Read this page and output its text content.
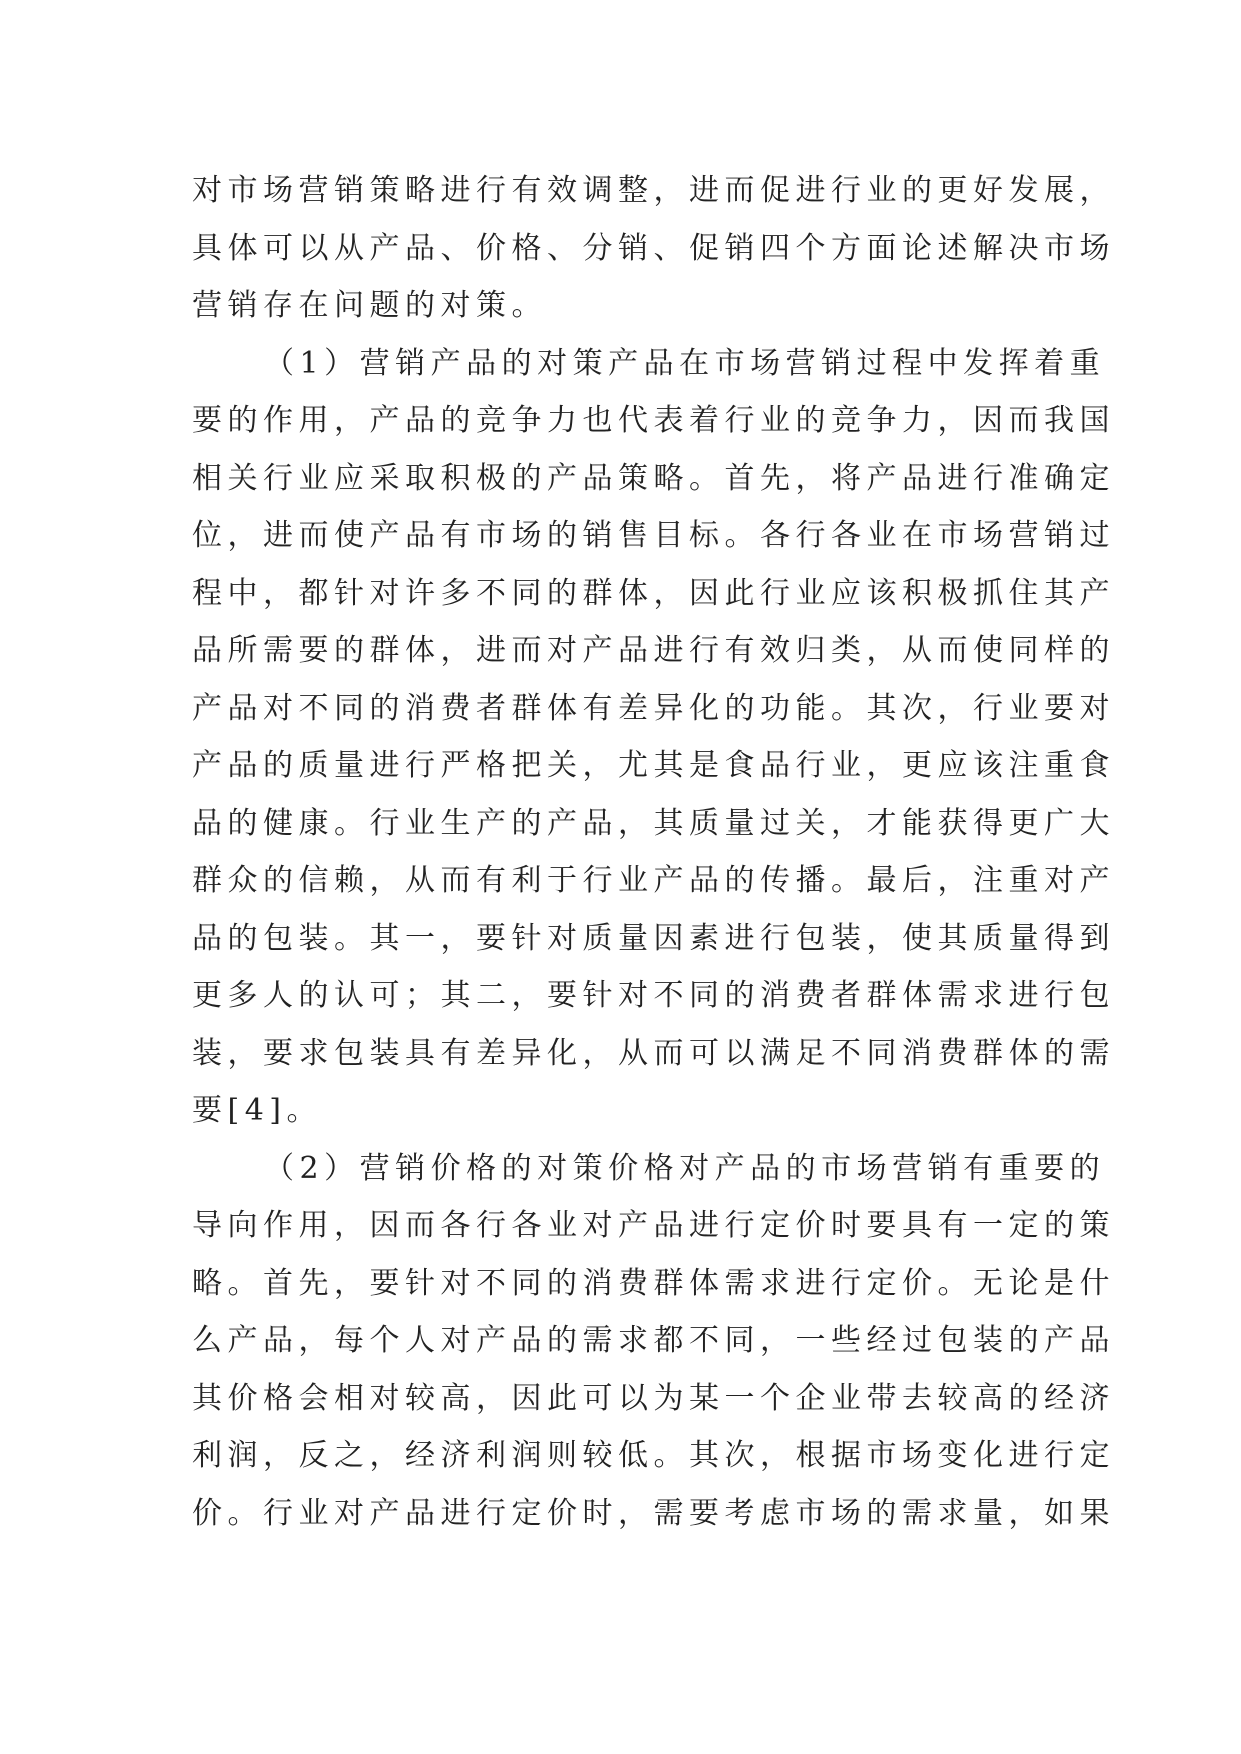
对市场营销策略进行有效调整，进而促进行业的更好发展，
具体可以从产品、价格、分销、促销四个方面论述解决市场
营销存在问题的对策。
（1）营销产品的对策产品在市场营销过程中发挥着重
要的作用，产品的竞争力也代表着行业的竞争力，因而我国
相关行业应采取积极的产品策略。首先，将产品进行准确定
位，进而使产品有市场的销售目标。各行各业在市场营销过
程中，都针对许多不同的群体，因此行业应该积极抓住其产
品所需要的群体，进而对产品进行有效归类，从而使同样的
产品对不同的消费者群体有差异化的功能。其次，行业要对
产品的质量进行严格把关，尤其是食品行业，更应该注重食
品的健康。行业生产的产品，其质量过关，才能获得更广大
群众的信赖，从而有利于行业产品的传播。最后，注重对产
品的包装。其一，要针对质量因素进行包装，使其质量得到
更多人的认可；其二，要针对不同的消费者群体需求进行包
装，要求包装具有差异化，从而可以满足不同消费群体的需
要[4]。
（2）营销价格的对策价格对产品的市场营销有重要的
导向作用，因而各行各业对产品进行定价时要具有一定的策
略。首先，要针对不同的消费群体需求进行定价。无论是什
么产品，每个人对产品的需求都不同，一些经过包装的产品
其价格会相对较高，因此可以为某一个企业带去较高的经济
利润，反之，经济利润则较低。其次，根据市场变化进行定
价。行业对产品进行定价时，需要考虑市场的需求量，如果
